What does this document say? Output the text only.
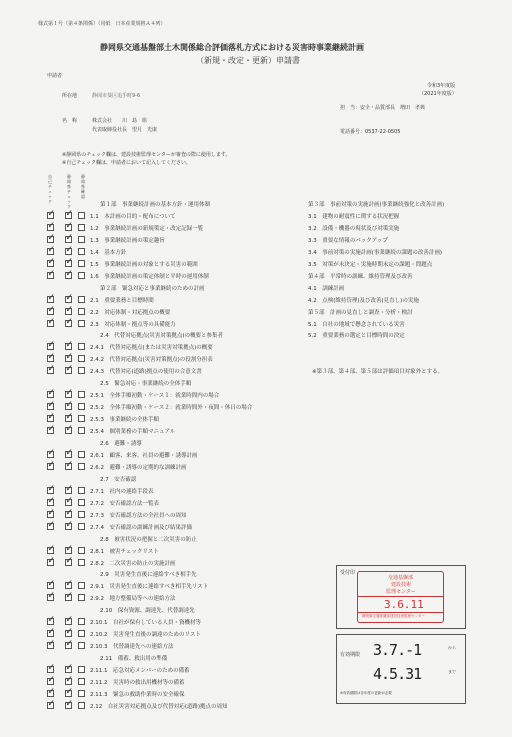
様式第１号（第４条関係）（用紙　日本産業規格Ａ４列）
静岡県交通基盤部土木関係総合評価落札方式における災害時事業継続計画
（新規・改定・更新）申請書
申請者
令和3年度版
（2021年度版）
所在地	静岡市葵区追手町9-6
担　当：安全・品質部長　増田　孝典
名　称	株式会社　　川　島　組
代表取締役社長　望月　光康	電話番号：0537-22-0505
※静岡県のチェック欄は、建設技術監理センターが審査の際に使用します。
※自己チェック欄は、申請者において記入してください。
自己チェック
静岡県チェック
静岡県確認
第１部　事業継続計画の基本方針・運用体制
✓ ✓	1.1　本計画の目的・配布について
✓ ✓	1.2　事業継続計画の新規策定・改定記録一覧
✓ ✓	1.3　事業継続計画の策定趣旨
✓ ✓	1.4　基本方針
✓ ✓	1.5　事業継続計画の対象とする災害の範囲
✓ ✓	1.6　事業継続計画の策定体制と平時の運用体制
第２部　緊急対応と事業継続のための計画
✓ ✓	2.1　重要業務と目標時間
✓ ✓	2.2　対応体制・対応拠点の概要
✓ ✓	2.3　対応体制・拠点等の具備能力
2.4　代替対応拠点(災害対策拠点)の概要と参集者
✓ ✓	2.4.1　代替対応拠点(または災害対策拠点)の概要
✓ ✓	2.4.2　代替対応拠点(災害対策拠点)の役割分担表
✓ ✓	2.4.3　代替対応(道路)拠点の使用の合意文書
2.5　緊急対応・事業継続の全体手順
✓ ✓	2.5.1　全体手順初動・ケース１：就業時間内の場合
✓ ✓	2.5.2　全体手順初動・ケース２：就業時間外・夜間・休日の場合
✓ ✓	2.5.3　事業継続の全体手順
✓ ✓	2.5.4　個別業務の手順マニュアル
2.6　避難・誘導
✓ ✓	2.6.1　顧客、来客、社員の避難・誘導計画
✓ ✓	2.6.2　避難・誘導の定期的な訓練計画
2.7　安否確認
✓ ✓	2.7.1　社内の連絡手段表
✓ ✓	2.7.2　安否確認方法一覧表
✓ ✓	2.7.3　安否確認方法の全社員への周知
✓ ✓	2.7.4　安否確認の訓練計画及び結果評価
2.8　被害状況の把握と二次災害の防止
✓ ✓	2.8.1　被害チェックリスト
✓ ✓	2.8.2　二次災害の防止の実施計画
2.9　災害発生直後に連絡すべき相手先
✓ ✓	2.9.1　災害発生直後に連絡すべき相手先リスト
✓ ✓	2.9.2　地方整備局等への連絡方法
2.10　保有資源、調達先、代替調達先
✓ ✓	2.10.1　自社が保有している人員・資機材等
✓ ✓	2.10.2　災害発生直後の調達のためのリスト
✓ ✓	2.10.3　代替調達先への連絡方法
2.11　備蓄、救出用の準備
✓ ✓	2.11.1　応急対応メンバーのための備蓄
✓ ✓	2.11.2　災害時の救出用機材等の備蓄
✓ ✓	2.11.3　緊急の救助作業時の安全確保
✓ ✓	2.12　自社災害対応拠点及び代替対応(道路)拠点の周知
第３部　事前対策の実施計画(事業継続強化と改善計画)
3.1　建物の耐震性に関する状況把握
3.2　設備・機器の現状及び対策実施
3.3　重要な情報のバックアップ
3.4　事前対策の実施計画(事業継続の課題の改善計画)
3.5　対策が未決定・実施時期未定の課題・問題点
第４部　平常時の訓練、維持管理及び改善
4.1　訓練計画
4.2　点検(維持管理)及び改善(見直し)の実施
第５部　計画の見直しと調査・分析・検討
5.1　自社の地域で懸念されている災害
5.2　重要業務の選定と目標時間の決定
※第３部、第４部、第５部は評価項目対象外とする。
受付印
交通基盤部
建設技術
監理センター
3.6.11
静岡県交通基盤部建設技術監理センター
有効期限 3.7.-1	から
4.5.31	まで
※有効期限は各年度の更新が必要
